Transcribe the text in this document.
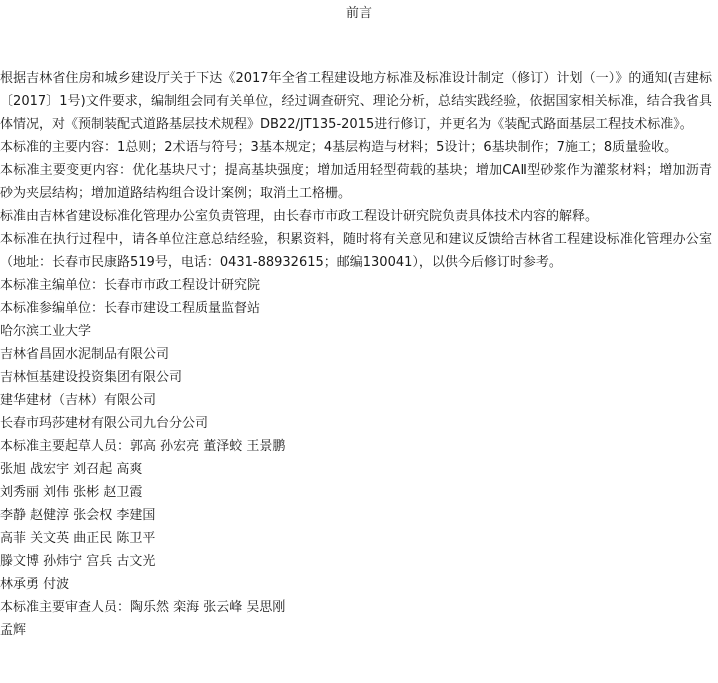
前言

根据吉林省住房和城乡建设厅关于下达《2017年全省工程建设地方标准及标准设计制定（修订）计划（一）》的通知(吉建标〔2017〕1号)文件要求，编制组会同有关单位，经过调查研究、理论分析，总结实践经验，依据国家相关标准，结合我省具体情况，对《预制装配式道路基层技术规程》DB22/JT135-2015进行修订，并更名为《装配式路面基层工程技术标准》。

本标准的主要内容：1总则；2术语与符号；3基本规定；4基层构造与材料；5设计；6基块制作；7施工；8质量验收。

本标准主要变更内容：优化基块尺寸；提高基块强度；增加适用轻型荷载的基块；增加CAⅡ型砂浆作为灌浆材料；增加沥青砂为夹层结构；增加道路结构组合设计案例；取消土工格栅。

标准由吉林省建设标准化管理办公室负责管理，由长春市市政工程设计研究院负责具体技术内容的解释。

本标准在执行过程中，请各单位注意总结经验，积累资料，随时将有关意见和建议反馈给吉林省工程建设标准化管理办公室（地址：长春市民康路519号，电话：0431-88932615；邮编130041），以供今后修订时参考。

本标准主编单位：长春市市政工程设计研究院

本标准参编单位：长春市建设工程质量监督站

哈尔滨工业大学

吉林省昌固水泥制品有限公司

吉林恒基建设投资集团有限公司

建华建材（吉林）有限公司

长春市玛莎建材有限公司九台分公司

本标准主要起草人员：郭高 孙宏亮 董泽蛟 王景鹏

张旭 战宏宇 刘召起 高爽

刘秀丽 刘伟 张彬 赵卫霞

李静 赵健淳 张会权 李建国

高菲 关文英 曲正民 陈卫平

滕文博 孙炜宁 宫兵 古文光

林承勇 付波

本标准主要审查人员：陶乐然 栾海 张云峰 吴思刚

孟辉
